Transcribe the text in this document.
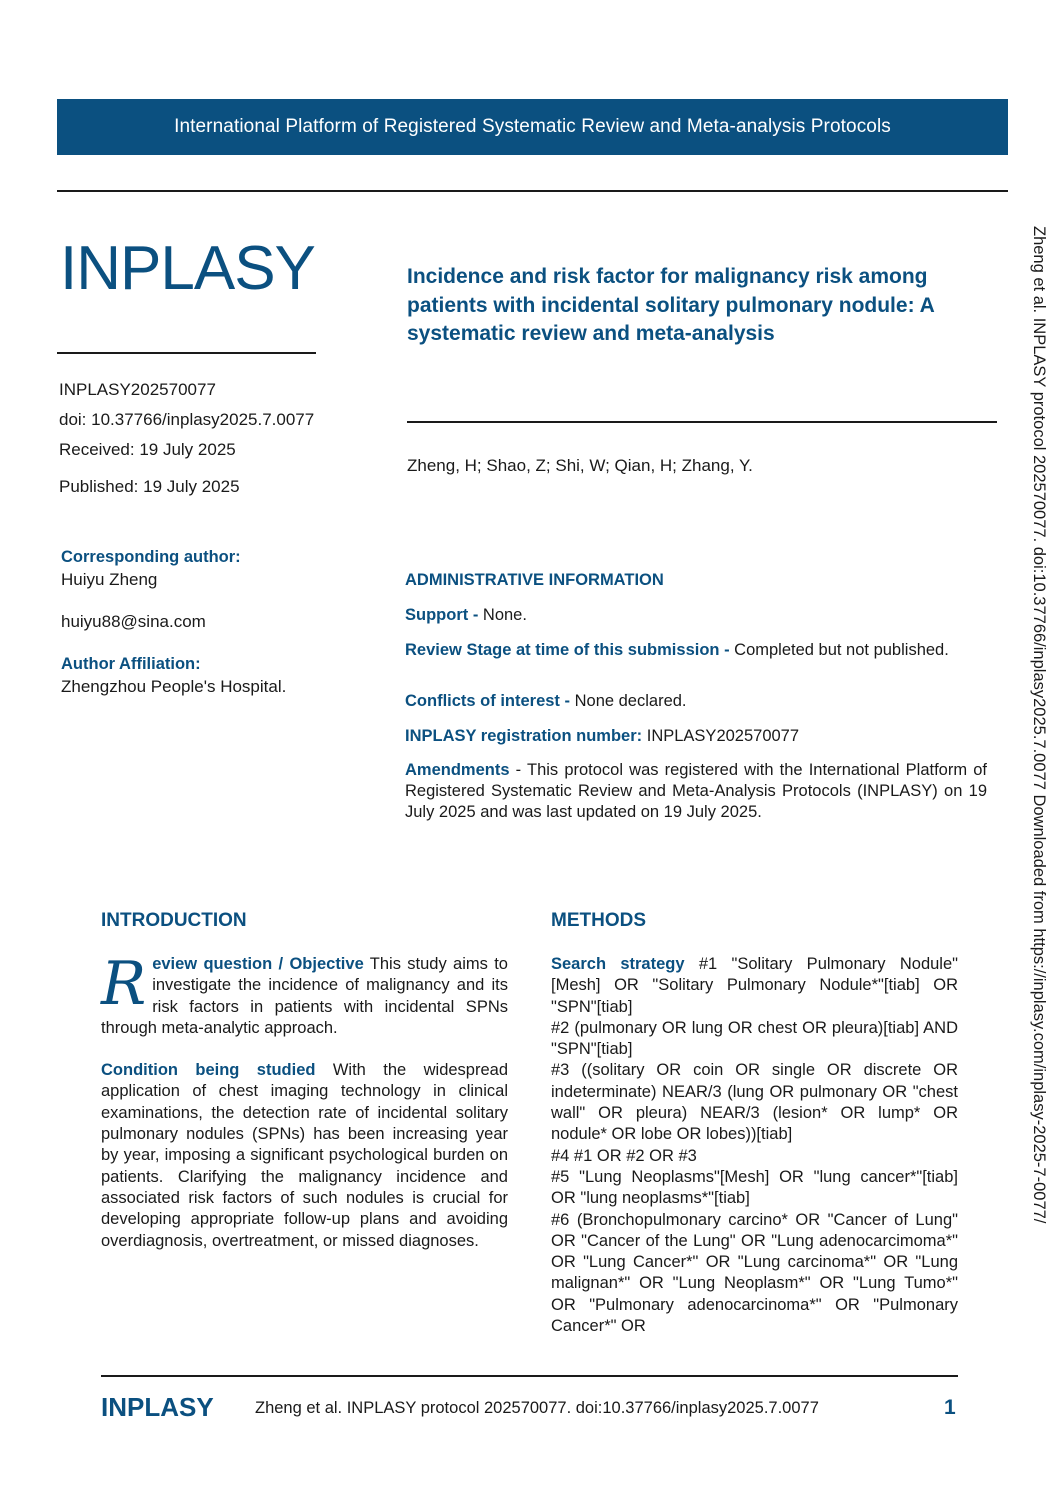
International Platform of Registered Systematic Review and Meta-analysis Protocols
INPLASY
INPLASY202570077
doi: 10.37766/inplasy2025.7.0077
Received: 19 July 2025
Published: 19 July 2025
Incidence and risk factor for malignancy risk among patients with incidental solitary pulmonary nodule: A systematic review and meta-analysis
Zheng, H; Shao, Z; Shi, W; Qian, H; Zhang, Y.
Corresponding author:
Huiyu Zheng
huiyu88@sina.com
Author Affiliation:
Zhengzhou People's Hospital.
ADMINISTRATIVE INFORMATION
Support - None.
Review Stage at time of this submission - Completed but not published.
Conflicts of interest - None declared.
INPLASY registration number: INPLASY202570077
Amendments - This protocol was registered with the International Platform of Registered Systematic Review and Meta-Analysis Protocols (INPLASY) on 19 July 2025 and was last updated on 19 July 2025.
INTRODUCTION

Review question / Objective This study aims to investigate the incidence of malignancy and its risk factors in patients with incidental SPNs through meta-analytic approach.

Condition being studied With the widespread application of chest imaging technology in clinical examinations, the detection rate of incidental solitary pulmonary nodules (SPNs) has been increasing year by year, imposing a significant psychological burden on patients. Clarifying the malignancy incidence and associated risk factors of such nodules is crucial for developing appropriate follow-up plans and avoiding overdiagnosis, overtreatment, or missed diagnoses.

METHODS

Search strategy #1 "Solitary Pulmonary Nodule"[Mesh] OR "Solitary Pulmonary Nodule*"[tiab] OR "SPN"[tiab]

#2 (pulmonary OR lung OR chest OR pleura)[tiab] AND "SPN"[tiab]

#3 ((solitary OR coin OR single OR discrete OR indeterminate) NEAR/3 (lung OR pulmonary OR "chest wall" OR pleura) NEAR/3 (lesion* OR lump* OR nodule* OR lobe OR lobes))[tiab]

#4 #1 OR #2 OR #3

#5 "Lung Neoplasms"[Mesh] OR "lung cancer*"[tiab] OR "lung neoplasms*"[tiab]

#6 (Bronchopulmonary carcino* OR "Cancer of Lung" OR "Cancer of the Lung" OR "Lung adenocarcimoma*" OR "Lung Cancer*" OR "Lung carcinoma*" OR "Lung malignan*" OR "Lung Neoplasm*" OR "Lung Tumo*" OR "Pulmonary adenocarcinoma*" OR "Pulmonary Cancer*" OR

Zheng et al. INPLASY protocol 202570077. doi:10.37766/inplasy2025.7.0077 Downloaded from https://inplasy.com/inplasy-2025-7-0077/
INPLASY	Zheng et al. INPLASY protocol 202570077. doi:10.37766/inplasy2025.7.0077	1
